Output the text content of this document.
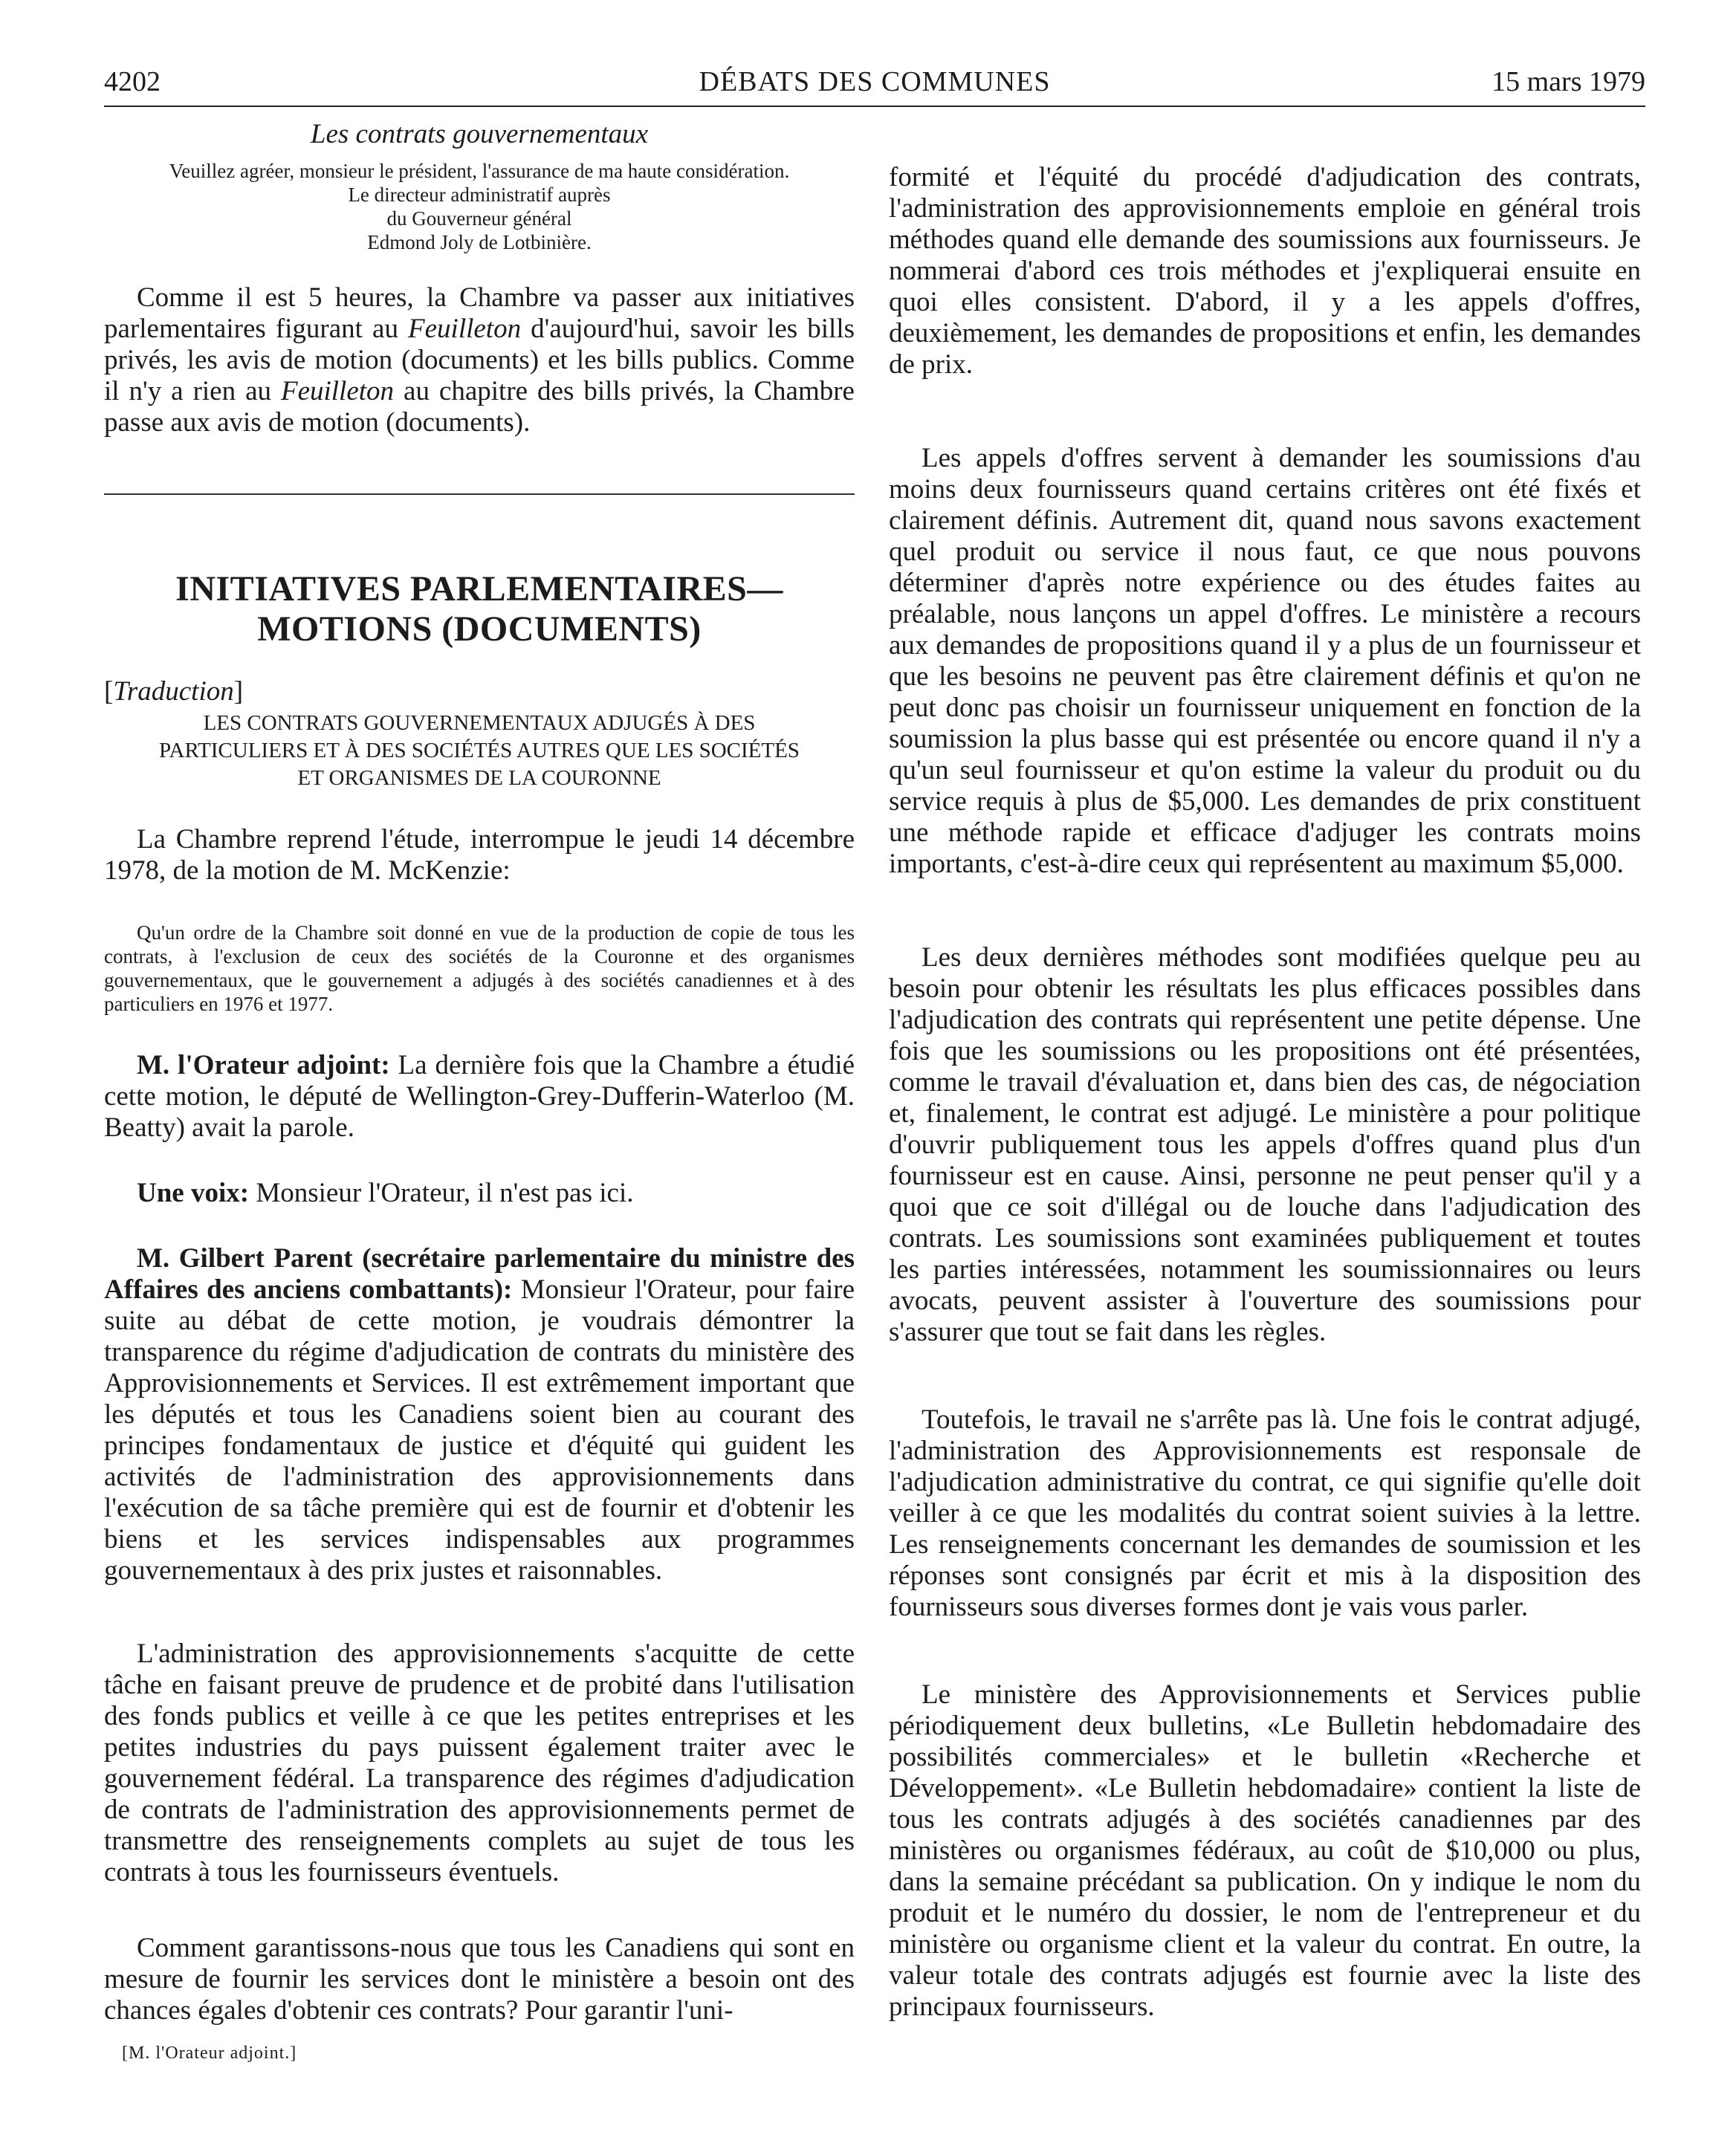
4202	DÉBATS DES COMMUNES	15 mars 1979

Les contrats gouvernementaux

Veuillez agréer, monsieur le président, l'assurance de ma haute considération.

Le directeur administratif auprès

du Gouverneur général

Edmond Joly de Lotbinière.

Comme il est 5 heures, la Chambre va passer aux initiatives parlementaires figurant au Feuilleton d'aujourd'hui, savoir les bills privés, les avis de motion (documents) et les bills publics. Comme il n'y a rien au Feuilleton au chapitre des bills privés, la Chambre passe aux avis de motion (documents).

INITIATIVES PARLEMENTAIRES—

MOTIONS (DOCUMENTS)

[Traduction]

LES CONTRATS GOUVERNEMENTAUX ADJUGÉS À DES

PARTICULIERS ET À DES SOCIÉTÉS AUTRES QUE LES SOCIÉTÉS

ET ORGANISMES DE LA COURONNE

La Chambre reprend l'étude, interrompue le jeudi 14 décembre 1978, de la motion de M. McKenzie:

Qu'un ordre de la Chambre soit donné en vue de la production de copie de tous les contrats, à l'exclusion de ceux des sociétés de la Couronne et des organismes gouvernementaux, que le gouvernement a adjugés à des sociétés canadiennes et à des particuliers en 1976 et 1977.

M. l'Orateur adjoint: La dernière fois que la Chambre a étudié cette motion, le député de Wellington-Grey-Dufferin-Waterloo (M. Beatty) avait la parole.

Une voix: Monsieur l'Orateur, il n'est pas ici.

M. Gilbert Parent (secrétaire parlementaire du ministre des Affaires des anciens combattants): Monsieur l'Orateur, pour faire suite au débat de cette motion, je voudrais démontrer la transparence du régime d'adjudication de contrats du ministère des Approvisionnements et Services. Il est extrêmement important que les députés et tous les Canadiens soient bien au courant des principes fondamentaux de justice et d'équité qui guident les activités de l'administration des approvisionnements dans l'exécution de sa tâche première qui est de fournir et d'obtenir les biens et les services indispensables aux programmes gouvernementaux à des prix justes et raisonnables.

L'administration des approvisionnements s'acquitte de cette tâche en faisant preuve de prudence et de probité dans l'utilisation des fonds publics et veille à ce que les petites entreprises et les petites industries du pays puissent également traiter avec le gouvernement fédéral. La transparence des régimes d'adjudication de contrats de l'administration des approvisionnements permet de transmettre des renseignements complets au sujet de tous les contrats à tous les fournisseurs éventuels.

Comment garantissons-nous que tous les Canadiens qui sont en mesure de fournir les services dont le ministère a besoin ont des chances égales d'obtenir ces contrats? Pour garantir l'uni-

[M. l'Orateur adjoint.]

formité et l'équité du procédé d'adjudication des contrats, l'administration des approvisionnements emploie en général trois méthodes quand elle demande des soumissions aux fournisseurs. Je nommerai d'abord ces trois méthodes et j'expliquerai ensuite en quoi elles consistent. D'abord, il y a les appels d'offres, deuxièmement, les demandes de propositions et enfin, les demandes de prix.

Les appels d'offres servent à demander les soumissions d'au moins deux fournisseurs quand certains critères ont été fixés et clairement définis. Autrement dit, quand nous savons exactement quel produit ou service il nous faut, ce que nous pouvons déterminer d'après notre expérience ou des études faites au préalable, nous lançons un appel d'offres. Le ministère a recours aux demandes de propositions quand il y a plus de un fournisseur et que les besoins ne peuvent pas être clairement définis et qu'on ne peut donc pas choisir un fournisseur uniquement en fonction de la soumission la plus basse qui est présentée ou encore quand il n'y a qu'un seul fournisseur et qu'on estime la valeur du produit ou du service requis à plus de $5,000. Les demandes de prix constituent une méthode rapide et efficace d'adjuger les contrats moins importants, c'est-à-dire ceux qui représentent au maximum $5,000.

Les deux dernières méthodes sont modifiées quelque peu au besoin pour obtenir les résultats les plus efficaces possibles dans l'adjudication des contrats qui représentent une petite dépense. Une fois que les soumissions ou les propositions ont été présentées, comme le travail d'évaluation et, dans bien des cas, de négociation et, finalement, le contrat est adjugé. Le ministère a pour politique d'ouvrir publiquement tous les appels d'offres quand plus d'un fournisseur est en cause. Ainsi, personne ne peut penser qu'il y a quoi que ce soit d'illégal ou de louche dans l'adjudication des contrats. Les soumissions sont examinées publiquement et toutes les parties intéressées, notamment les soumissionnaires ou leurs avocats, peuvent assister à l'ouverture des soumissions pour s'assurer que tout se fait dans les règles.

Toutefois, le travail ne s'arrête pas là. Une fois le contrat adjugé, l'administration des Approvisionnements est responsale de l'adjudication administrative du contrat, ce qui signifie qu'elle doit veiller à ce que les modalités du contrat soient suivies à la lettre. Les renseignements concernant les demandes de soumission et les réponses sont consignés par écrit et mis à la disposition des fournisseurs sous diverses formes dont je vais vous parler.

Le ministère des Approvisionnements et Services publie périodiquement deux bulletins, «Le Bulletin hebdomadaire des possibilités commerciales» et le bulletin «Recherche et Développement». «Le Bulletin hebdomadaire» contient la liste de tous les contrats adjugés à des sociétés canadiennes par des ministères ou organismes fédéraux, au coût de $10,000 ou plus, dans la semaine précédant sa publication. On y indique le nom du produit et le numéro du dossier, le nom de l'entrepreneur et du ministère ou organisme client et la valeur du contrat. En outre, la valeur totale des contrats adjugés est fournie avec la liste des principaux fournisseurs.
